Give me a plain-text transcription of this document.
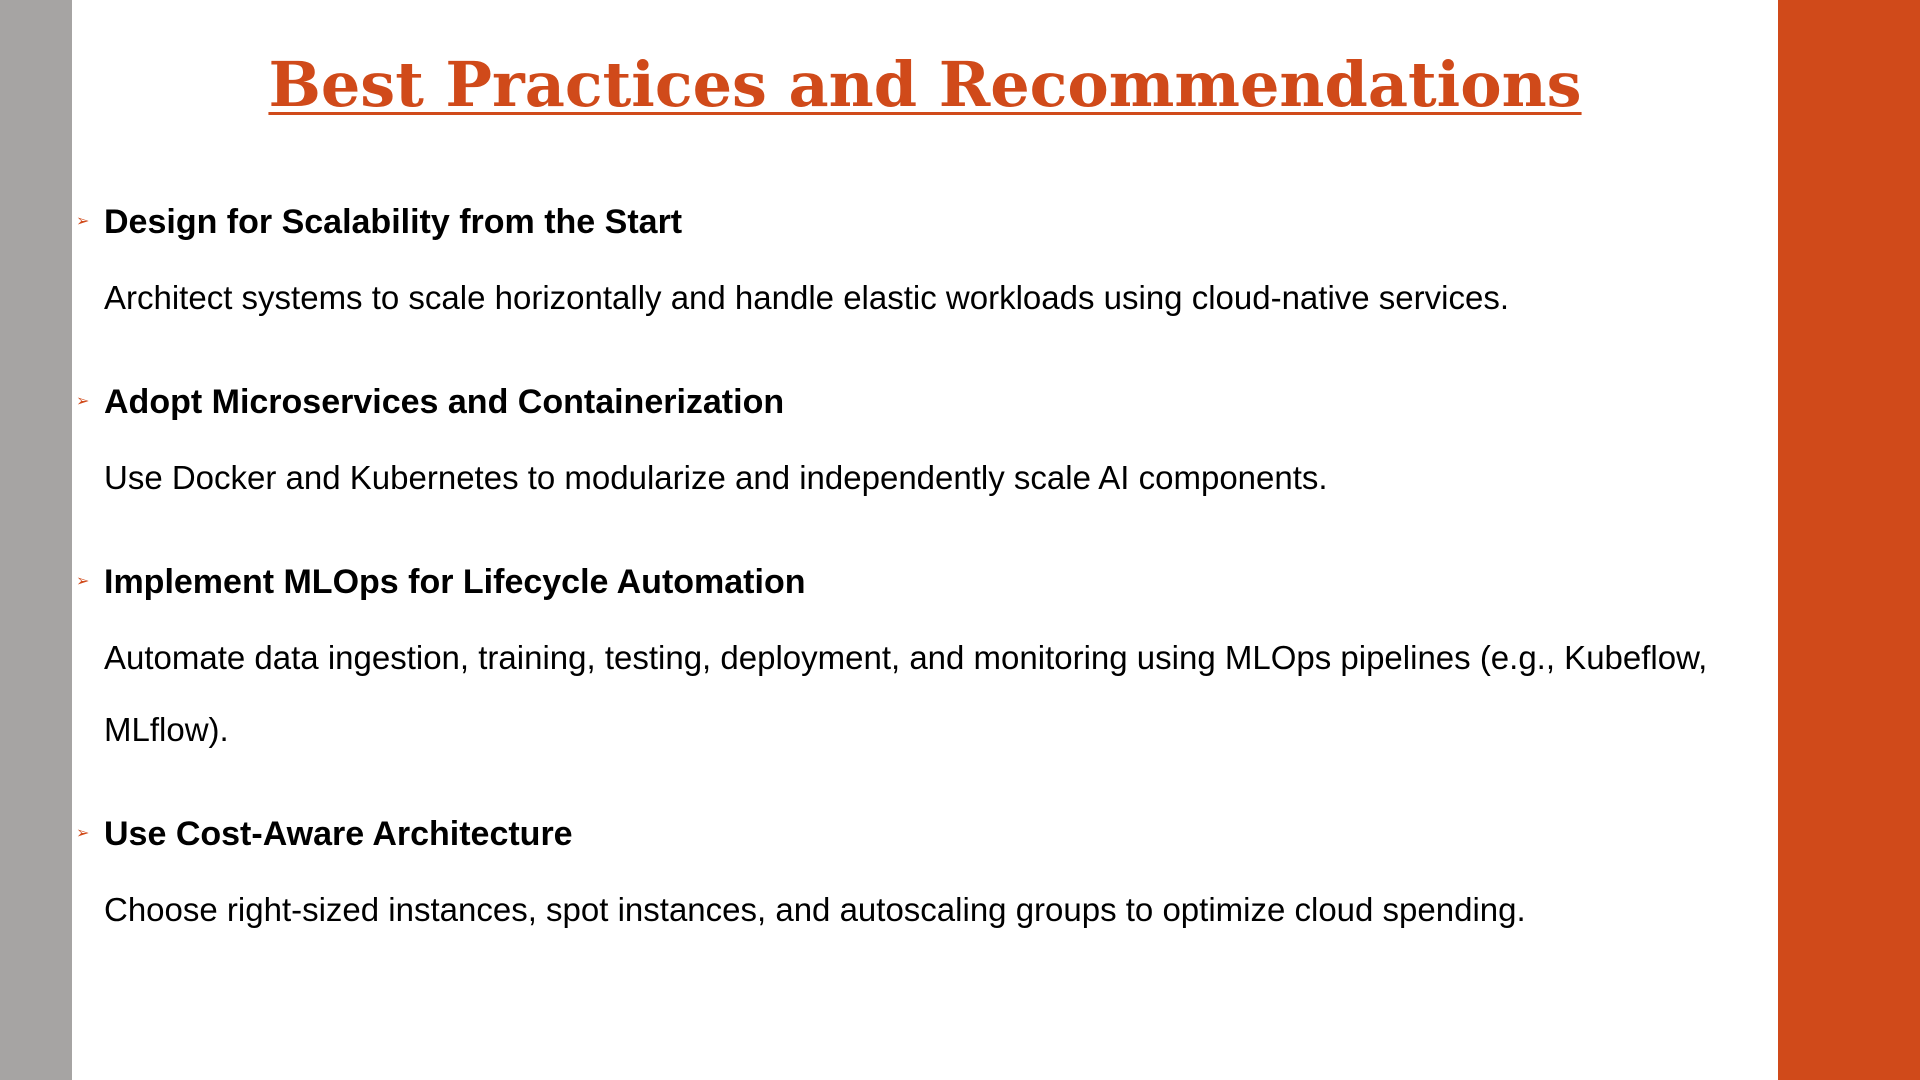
Best Practices and Recommendations
➢ Design for Scalability from the Start
Architect systems to scale horizontally and handle elastic workloads using cloud-native services.
➢ Adopt Microservices and Containerization
Use Docker and Kubernetes to modularize and independently scale AI components.
➢ Implement MLOps for Lifecycle Automation
Automate data ingestion, training, testing, deployment, and monitoring using MLOps pipelines (e.g., Kubeflow, MLflow).
➢ Use Cost-Aware Architecture
Choose right-sized instances, spot instances, and autoscaling groups to optimize cloud spending.
